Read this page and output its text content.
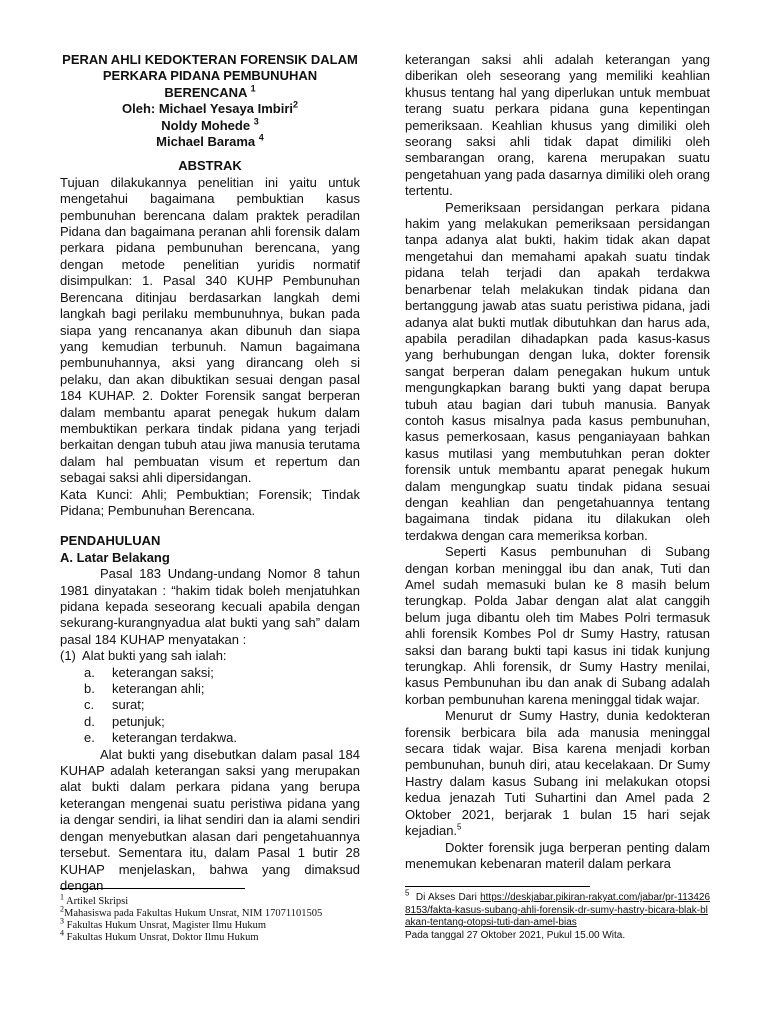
PERAN AHLI KEDOKTERAN FORENSIK DALAM
PERKARA PIDANA PEMBUNUHAN BERENCANA $^1$
Oleh: Michael Yesaya Imbiri$^2$
Noldy Mohede $^3$
Michael Barama $^4$
ABSTRAK

Tujuan dilakukannya penelitian ini yaitu untuk mengetahui bagaimana pembuktian kasus pembunuhan berencana dalam praktek peradilan Pidana dan bagaimana peranan ahli forensik dalam perkara pidana pembunuhan berencana, yang dengan metode penelitian yuridis normatif disimpulkan: 1. Pasal 340 KUHP Pembunuhan Berencana ditinjau berdasarkan langkah demi langkah bagi perilaku membunuhnya, bukan pada siapa yang rencananya akan dibunuh dan siapa yang kemudian terbunuh. Namun bagaimana pembunuhannya, aksi yang dirancang oleh si pelaku, dan akan dibuktikan sesuai dengan pasal 184 KUHAP. 2. Dokter Forensik sangat berperan dalam membantu aparat penegak hukum dalam membuktikan perkara tindak pidana yang terjadi berkaitan dengan tubuh atau jiwa manusia terutama dalam hal pembuatan visum et repertum dan sebagai saksi ahli dipersidangan.

Kata Kunci: Ahli; Pembuktian; Forensik; Tindak Pidana; Pembunuhan Berencana.

PENDAHULUAN
A. Latar Belakang

Pasal 183 Undang-undang Nomor 8 tahun 1981 dinyatakan : “hakim tidak boleh menjatuhkan pidana kepada seseorang kecuali apabila dengan sekurang-kurangnyadua alat bukti yang sah” dalam pasal 184 KUHAP menyatakan :

(1) Alat bukti yang sah ialah:
a. keterangan saksi;
b. keterangan ahli;
c. surat;
d. petunjuk;
e. keterangan terdakwa.

Alat bukti yang disebutkan dalam pasal 184 KUHAP adalah keterangan saksi yang merupakan alat bukti dalam perkara pidana yang berupa keterangan mengenai suatu peristiwa pidana yang ia dengar sendiri, ia lihat sendiri dan ia alami sendiri dengan menyebutkan alasan dari pengetahuannya tersebut. Sementara itu, dalam Pasal 1 butir 28 KUHAP menjelaskan, bahwa yang dimaksud dengan

keterangan saksi ahli adalah keterangan yang diberikan oleh seseorang yang memiliki keahlian khusus tentang hal yang diperlukan untuk membuat terang suatu perkara pidana guna kepentingan pemeriksaan. Keahlian khusus yang dimiliki oleh seorang saksi ahli tidak dapat dimiliki oleh sembarangan orang, karena merupakan suatu pengetahuan yang pada dasarnya dimiliki oleh orang tertentu.

Pemeriksaan persidangan perkara pidana hakim yang melakukan pemeriksaan persidangan tanpa adanya alat bukti, hakim tidak akan dapat mengetahui dan memahami apakah suatu tindak pidana telah terjadi dan apakah terdakwa benarbenar telah melakukan tindak pidana dan bertanggung jawab atas suatu peristiwa pidana, jadi adanya alat bukti mutlak dibutuhkan dan harus ada, apabila peradilan dihadapkan pada kasus-kasus yang berhubungan dengan luka, dokter forensik sangat berperan dalam penegakan hukum untuk mengungkapkan barang bukti yang dapat berupa tubuh atau bagian dari tubuh manusia. Banyak contoh kasus misalnya pada kasus pembunuhan, kasus pemerkosaan, kasus penganiayaan bahkan kasus mutilasi yang membutuhkan peran dokter forensik untuk membantu aparat penegak hukum dalam mengungkap suatu tindak pidana sesuai dengan keahlian dan pengetahuannya tentang bagaimana tindak pidana itu dilakukan oleh terdakwa dengan cara memeriksa korban.

Seperti Kasus pembunuhan di Subang dengan korban meninggal ibu dan anak, Tuti dan Amel sudah memasuki bulan ke 8 masih belum terungkap. Polda Jabar dengan alat alat canggih belum juga dibantu oleh tim Mabes Polri termasuk ahli forensik Kombes Pol dr Sumy Hastry, ratusan saksi dan barang bukti tapi kasus ini tidak kunjung terungkap. Ahli forensik, dr Sumy Hastry menilai, kasus Pembunuhan ibu dan anak di Subang adalah korban pembunuhan karena meninggal tidak wajar.

Menurut dr Sumy Hastry, dunia kedokteran forensik berbicara bila ada manusia meninggal secara tidak wajar. Bisa karena menjadi korban pembunuhan, bunuh diri, atau kecelakaan. Dr Sumy Hastry dalam kasus Subang ini melakukan otopsi kedua jenazah Tuti Suhartini dan Amel pada 2 Oktober 2021, berjarak 1 bulan 15 hari sejak kejadian.$^5$

Dokter forensik juga berperan penting dalam menemukan kebenaran materil dalam perkara

$^1$ Artikel Skripsi
$^2$Mahasiswa pada Fakultas Hukum Unsrat, NIM 17071101505
$^3$ Fakultas Hukum Unsrat, Magister Ilmu Hukum
$^4$ Fakultas Hukum Unsrat, Doktor Ilmu Hukum

$^5$ Di Akses Dari https://deskjabar.pikiran-rakyat.com/jabar/pr-1134268153/fakta-kasus-subang-ahli-forensik-dr-sumy-hastry-bicara-blak-blakan-tentang-otopsi-tuti-dan-amel-bias

Pada tanggal 27 Oktober 2021, Pukul 15.00 Wita.
